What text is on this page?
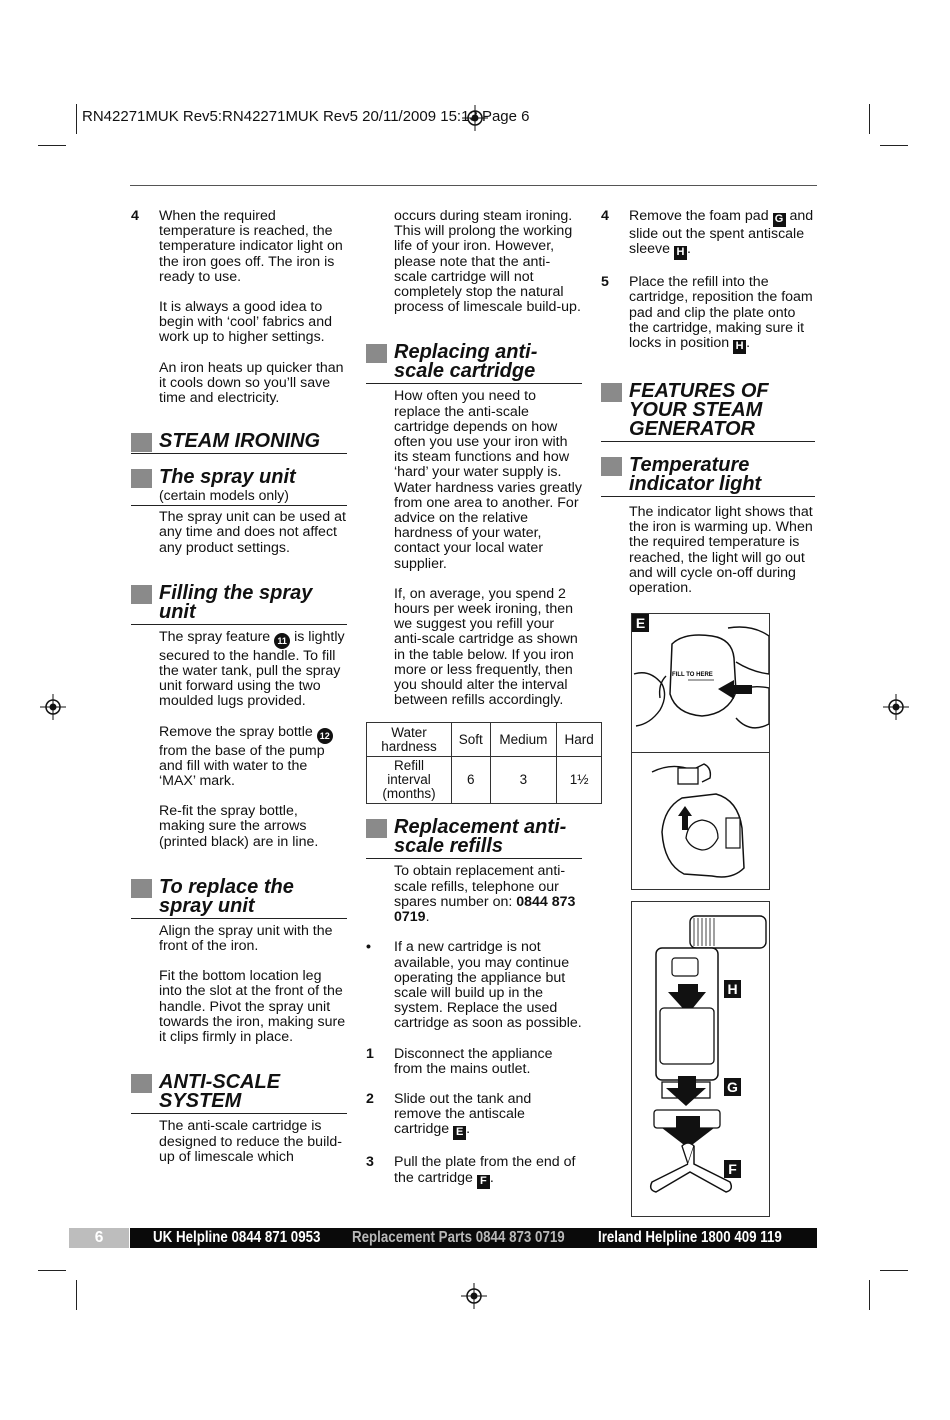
RN42271MUK Rev5:RN42271MUK Rev5 20/11/2009 15:13 Page 6
4 When the required temperature is reached, the temperature indicator light on the iron goes off. The iron is ready to use.

It is always a good idea to begin with ‘cool’ fabrics and work up to higher settings.

An iron heats up quicker than it cools down so you’ll save time and electricity.

STEAM IRONING
The spray unit
(certain models only)

The spray unit can be used at any time and does not affect any product settings.

Filling the spray unit

The spray feature 11 is lightly secured to the handle. To fill the water tank, pull the spray unit forward using the two moulded lugs provided.

Remove the spray bottle 12 from the base of the pump and fill with water to the ‘MAX’ mark.

Re-fit the spray bottle, making sure the arrows (printed black) are in line.

To replace the spray unit

Align the spray unit with the front of the iron.

Fit the bottom location leg into the slot at the front of the handle. Pivot the spray unit towards the iron, making sure it clips firmly in place.

ANTI-SCALE SYSTEM

The anti-scale cartridge is designed to reduce the build-up of limescale which

occurs during steam ironing. This will prolong the working life of your iron. However, please note that the anti-scale cartridge will not completely stop the natural process of limescale build-up.

Replacing anti-scale cartridge

How often you need to replace the anti-scale cartridge depends on how often you use your iron with its steam functions and how ‘hard’ your water supply is. Water hardness varies greatly from one area to another. For advice on the relative hardness of your water, contact your local water supplier.

If, on average, you spend 2 hours per week ironing, then we suggest you refill your anti-scale cartridge as shown in the table below. If you iron more or less frequently, then you should alter the interval between refills accordingly.

Water hardness	Soft	Medium	Hard
Refill interval (months)	6	3	1½
Replacement anti-scale refills

To obtain replacement anti-scale refills, telephone our spares number on: 0844 873 0719.

• If a new cartridge is not available, you may continue operating the appliance but scale will build up in the system. Replace the used cartridge as soon as possible.

1 Disconnect the appliance from the mains outlet.

2 Slide out the tank and remove the antiscale cartridge E .

3 Pull the plate from the end of the cartridge F .

4 Remove the foam pad G and slide out the spent antiscale sleeve H .

5 Place the refill into the cartridge, reposition the foam pad and clip the plate onto the cartridge, making sure it locks in position H .

FEATURES OF YOUR STEAM GENERATOR
Temperature indicator light

The indicator light shows that the iron is warming up. When the required temperature is reached, the light will go out and will cycle on-off during operation.

E
FILL TO HERE
H
G
F
6	UK Helpline 0844 871 0953 Replacement Parts 0844 873 0719 Ireland Helpline 1800 409 119
